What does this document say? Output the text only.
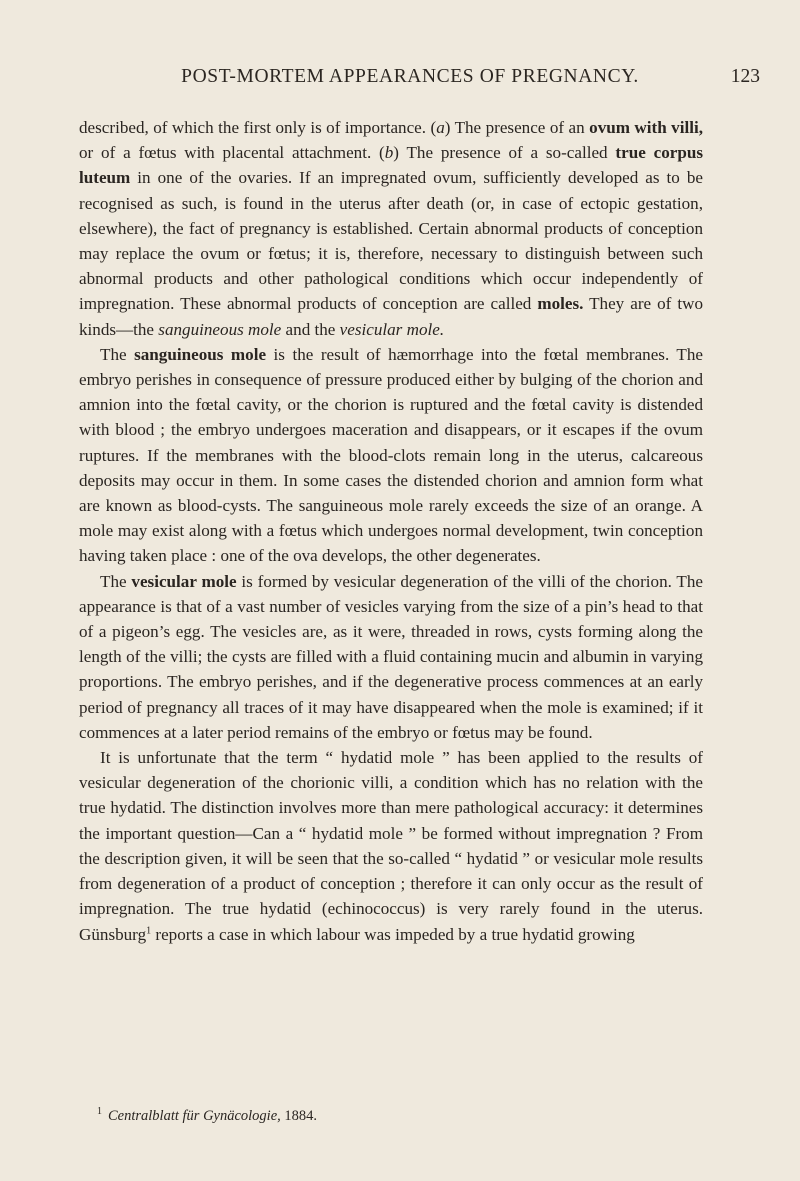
POST-MORTEM APPEARANCES OF PREGNANCY.	123

described, of which the first only is of importance. (a) The presence of an ovum with villi, or of a fœtus with placental attachment. (b) The presence of a so-called true corpus luteum in one of the ovaries. If an impregnated ovum, sufficiently developed as to be recognised as such, is found in the uterus after death (or, in case of ectopic gestation, elsewhere), the fact of pregnancy is established. Certain abnormal products of conception may replace the ovum or fœtus; it is, therefore, necessary to distinguish between such abnormal products and other pathological conditions which occur independently of impregnation. These abnormal products of conception are called moles. They are of two kinds—the sanguineous mole and the vesicular mole.

The sanguineous mole is the result of hæmorrhage into the fœtal membranes. The embryo perishes in consequence of pressure produced either by bulging of the chorion and amnion into the fœtal cavity, or the chorion is ruptured and the fœtal cavity is distended with blood ; the embryo undergoes maceration and disappears, or it escapes if the ovum ruptures. If the membranes with the blood-clots remain long in the uterus, calcareous deposits may occur in them. In some cases the distended chorion and amnion form what are known as blood-cysts. The sanguineous mole rarely exceeds the size of an orange. A mole may exist along with a fœtus which undergoes normal development, twin conception having taken place : one of the ova develops, the other degenerates.

The vesicular mole is formed by vesicular degeneration of the villi of the chorion. The appearance is that of a vast number of vesicles varying from the size of a pin’s head to that of a pigeon’s egg. The vesicles are, as it were, threaded in rows, cysts forming along the length of the villi; the cysts are filled with a fluid containing mucin and albumin in varying proportions. The embryo perishes, and if the degenerative process commences at an early period of pregnancy all traces of it may have disappeared when the mole is examined; if it commences at a later period remains of the embryo or fœtus may be found.

It is unfortunate that the term “ hydatid mole ” has been applied to the results of vesicular degeneration of the chorionic villi, a condition which has no relation with the true hydatid. The distinction involves more than mere pathological accuracy: it determines the important question—Can a “ hydatid mole ” be formed without impregnation ? From the description given, it will be seen that the so-called “ hydatid ” or vesicular mole results from degeneration of a product of conception ; therefore it can only occur as the result of impregnation. The true hydatid (echinococcus) is very rarely found in the uterus. Günsburg$^1$ reports a case in which labour was impeded by a true hydatid growing

$^1$ Centralblatt für Gynäcologie, 1884.
